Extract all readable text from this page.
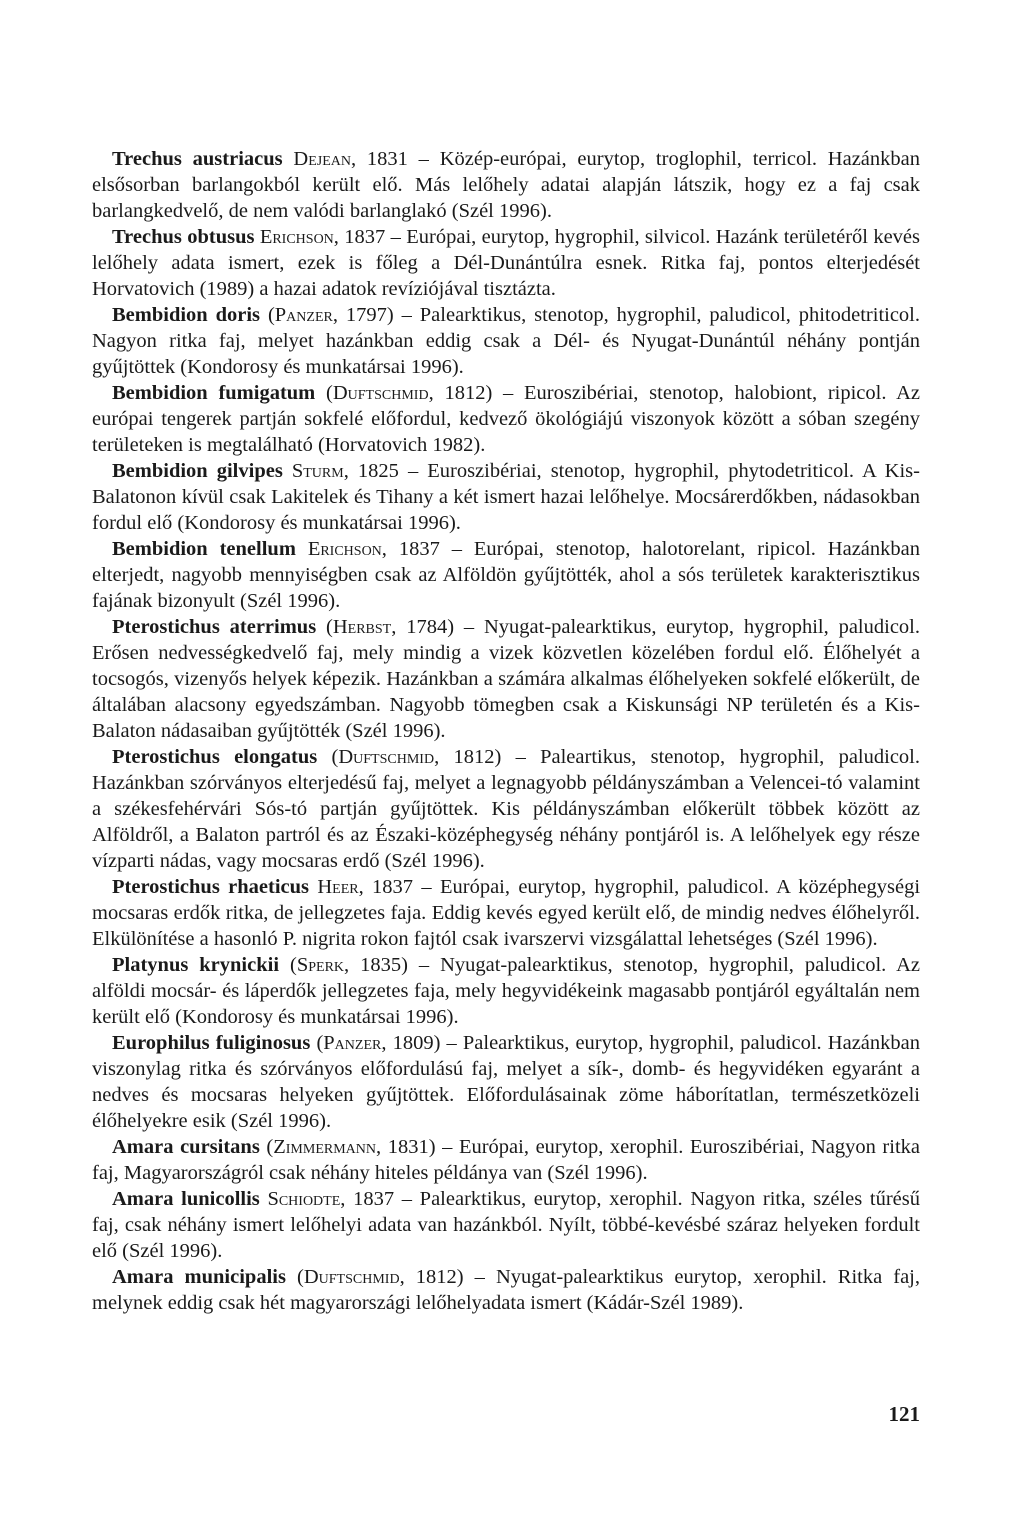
Trechus austriacus Dejean, 1831 – Közép-európai, eurytop, troglophil, terricol. Hazánkban elsősorban barlangokból került elő. Más lelőhely adatai alapján látszik, hogy ez a faj csak barlangkedvelő, de nem valódi barlanglakó (Szél 1996).

Trechus obtusus Erichson, 1837 – Európai, eurytop, hygrophil, silvicol. Hazánk területéről kevés lelőhely adata ismert, ezek is főleg a Dél-Dunántúlra esnek. Ritka faj, pontos elterjedését Horvatovich (1989) a hazai adatok revíziójával tisztázta.

Bembidion doris (Panzer, 1797) – Palearktikus, stenotop, hygrophil, paludicol, phitodetriticol. Nagyon ritka faj, melyet hazánkban eddig csak a Dél- és Nyugat-Dunántúl néhány pontján gyűjtöttek (Kondorosy és munkatársai 1996).

Bembidion fumigatum (Duftschmid, 1812) – Euroszibériai, stenotop, halobiont, ripicol. Az európai tengerek partján sokfelé előfordul, kedvező ökológiájú viszonyok között a sóban szegény területeken is megtalálható (Horvatovich 1982).

Bembidion gilvipes Sturm, 1825 – Euroszibériai, stenotop, hygrophil, phytodetriticol. A Kis-Balatonon kívül csak Lakitelek és Tihany a két ismert hazai lelőhelye. Mocsárerdőkben, nádasokban fordul elő (Kondorosy és munkatársai 1996).

Bembidion tenellum Erichson, 1837 – Európai, stenotop, halotorelant, ripicol. Hazánkban elterjedt, nagyobb mennyiségben csak az Alföldön gyűjtötték, ahol a sós területek karakterisztikus fajának bizonyult (Szél 1996).

Pterostichus aterrimus (Herbst, 1784) – Nyugat-palearktikus, eurytop, hygrophil, paludicol. Erősen nedvességkedvelő faj, mely mindig a vizek közvetlen közelében fordul elő. Élőhelyét a tocsogós, vizenyős helyek képezik. Hazánkban a számára alkalmas élőhelyeken sokfelé előkerült, de általában alacsony egyedszámban. Nagyobb tömegben csak a Kiskunsági NP területén és a Kis-Balaton nádasaiban gyűjtötték (Szél 1996).

Pterostichus elongatus (Duftschmid, 1812) – Paleartikus, stenotop, hygrophil, paludicol. Hazánkban szórványos elterjedésű faj, melyet a legnagyobb példányszámban a Velencei-tó valamint a székesfehérvári Sós-tó partján gyűjtöttek. Kis példányszámban előkerült többek között az Alföldről, a Balaton partról és az Északi-középhegység néhány pontjáról is. A lelőhelyek egy része vízparti nádas, vagy mocsaras erdő (Szél 1996).

Pterostichus rhaeticus Heer, 1837 – Európai, eurytop, hygrophil, paludicol. A középhegységi mocsaras erdők ritka, de jellegzetes faja. Eddig kevés egyed került elő, de mindig nedves élőhelyről. Elkülönítése a hasonló P. nigrita rokon fajtól csak ivarszervi vizsgálattal lehetséges (Szél 1996).

Platynus krynickii (Sperk, 1835) – Nyugat-palearktikus, stenotop, hygrophil, paludicol. Az alföldi mocsár- és láperdők jellegzetes faja, mely hegyvidékeink magasabb pontjáról egyáltalán nem került elő (Kondorosy és munkatársai 1996).

Europhilus fuliginosus (Panzer, 1809) – Palearktikus, eurytop, hygrophil, paludicol. Hazánkban viszonylag ritka és szórványos előfordulású faj, melyet a sík-, domb- és hegyvidéken egyaránt a nedves és mocsaras helyeken gyűjtöttek. Előfordulásainak zöme háborítatlan, természetközeli élőhelyekre esik (Szél 1996).

Amara cursitans (Zimmermann, 1831) – Európai, eurytop, xerophil. Euroszibériai, Nagyon ritka faj, Magyarországról csak néhány hiteles példánya van (Szél 1996).

Amara lunicollis Schiodte, 1837 – Palearktikus, eurytop, xerophil. Nagyon ritka, széles tűrésű faj, csak néhány ismert lelőhelyi adata van hazánkból. Nyílt, többé-kevésbé száraz helyeken fordult elő (Szél 1996).

Amara municipalis (Duftschmid, 1812) – Nyugat-palearktikus eurytop, xerophil. Ritka faj, melynek eddig csak hét magyarországi lelőhelyadata ismert (Kádár-Szél 1989).

121
